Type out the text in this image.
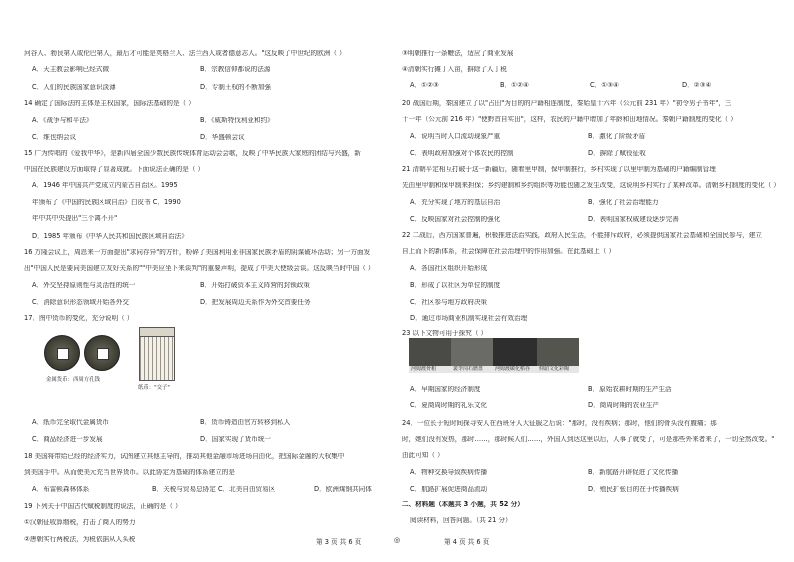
河谷人、勃艮第人或伦巴第人，最后才可能是英格兰人、法兰西人或者德意志人。"这反映了中世纪的欧洲（ ）
A．天主教会影响已经式微	B．宗教信仰都说的法源
C．人们的民族国家意识淡薄	D．专制王权的不断加强
14 确定了国际法的主体是主权国家，国际法基础的是（ ）
A．《战争与和平法》	B．《威斯特伐利亚和约》
C．维也纳会议	D．华盛顿会议
15 广为传唱的《爱我中华》，是新四届全国少数民族传统体育运动会会歌，反映了中华民族大家庭的团结与兴盛，新
中国在民族建设方面取得了显著成就。下面说法正确的是（ ）
A．1946 年中国共产党成立内蒙古自治区。1995
年颁布了《中国的民族区域自治》白皮书 C．1990
年中共中央提出"三个离不开"
D．1985 年颁布《中华人民共和国民族区域自治法》
16 万隆会议上，周恩来一方面提出"求同存异"的方针，粉碎了美国利用亚非国家民族矛盾的阴谋破坏活动；另一方面发
出"中国人民是要同美国建立友好关系的""中美应坐下来谈判"的重要声明，提成了中美大使级会谈。这反映当时中国（ ）
A．外交坚持原则性与灵活性的统一	B．开始打破资本主义阵营的封锁政策
C．消除意识形态领域开始各外交	D．把发展周边关系作为外交首要任务
17．图中货币的变化，充分说明（ ）
A．纸币完全取代金属货币	B．货币铸造由官方转移到私人
C．商品经济进一步发展	D．国家实现了货币统一
18 美国将带给已经的经济实力，试图建立其他主导的，推动其他金融市场进场自由化，把国际金融的大权集中
到美国手中。从而使美元充当世界货币。以此协定为基础的体系建立的是
A．布雷顿森林体系	B．关税与贸易总协定 C．北美自由贸易区	D．欧洲煤钢共同体
19 下列关于中国古代赋税制度的说法，正确的是（ ）
①汉朝征收算缗税，打击了商人的势力
②唐朝实行两税法，为税依据从人头税
金属货币：西周方孔钱
纸币："交子"
③明朝推行一条鞭法，适应了商业发展
④清朝实行摊丁入亩，摒除了人丁税
A．①②③	B．①②④	C．①③④	D．②③④
20 战国后期，秦国建立了以"占田"为目的的户籍相连制度，秦始皇十六年（公元前 231 年）"初令男子书年"，三
十一年（公元前 216 年）"使黔首自实田"，这样，农民的户籍中增加了年龄和田地情况。秦朝户籍制度的变化（ ）
A．说明当时人口流动现象严重	B．激化了阶级矛盾
C．表明政府加强对个体农民的控制	D．摒除了赋役征收
21 清朝平定相互打破于这一新疆后，随着里甲制，保甲制推行，乡村实现了以里甲制为基础的户籍编制管理
先由里甲制和保甲制来担保；乡约建制和乡约组织等功能也随之发生改变，这说明乡村实行了某种改革。清朝乡村制度的变化（ ）
A．充分实现了地方的基层自治	B．强化了社会治理能力
C．反映国家对社会控制的强化	D．表明国家权威建设逐步完善
22 二战后，西方国家普遍，积极推进法治实践，政府人民生活，不能排斥政府，必须提供国家社会基础和全国民参与，建立
自上而下的新体系，社会保障在社会治理中的作用加强。在此基础上（ ）
A．各国社区组织开始形成
B．形成了以社区为单位的制度
C．社区参与地方政府决策
D．通过市场商业机制实现社会有效治理
23 以下文物可用于探究（ ）
A．早期国家的经济制度	B．原始农耕时期的生产生活
C．夏商周时期的礼乐文化	D．商周时期的农业生产
24．一位长于短时间探寻安人在西班牙人大征服之后说："那时，没有疾病；那时，他们的骨头没有腹痛；那
时，她们没有发热，那时……，那时候人们……，外国人到达这里以后，人事了就变了，可是那些外来者来了，一切全然改变。"
由此可知（ ）
A．物种交换导致疾病传播	B．新航路开辟促进了文化传播
C．航路扩展促进商品流动	D．殖民扩张目的在于传播疾病
二、材料题（本题共 3 小题，共 52 分）
阅读材料，回答问题。（共 21 分）
河姆渡骨耜	裴李岗石磨盘 河姆渡碳化稻谷 仰韶文化彩陶
第 3 页 共 6 页	◎	第 4 页 共 6 页
